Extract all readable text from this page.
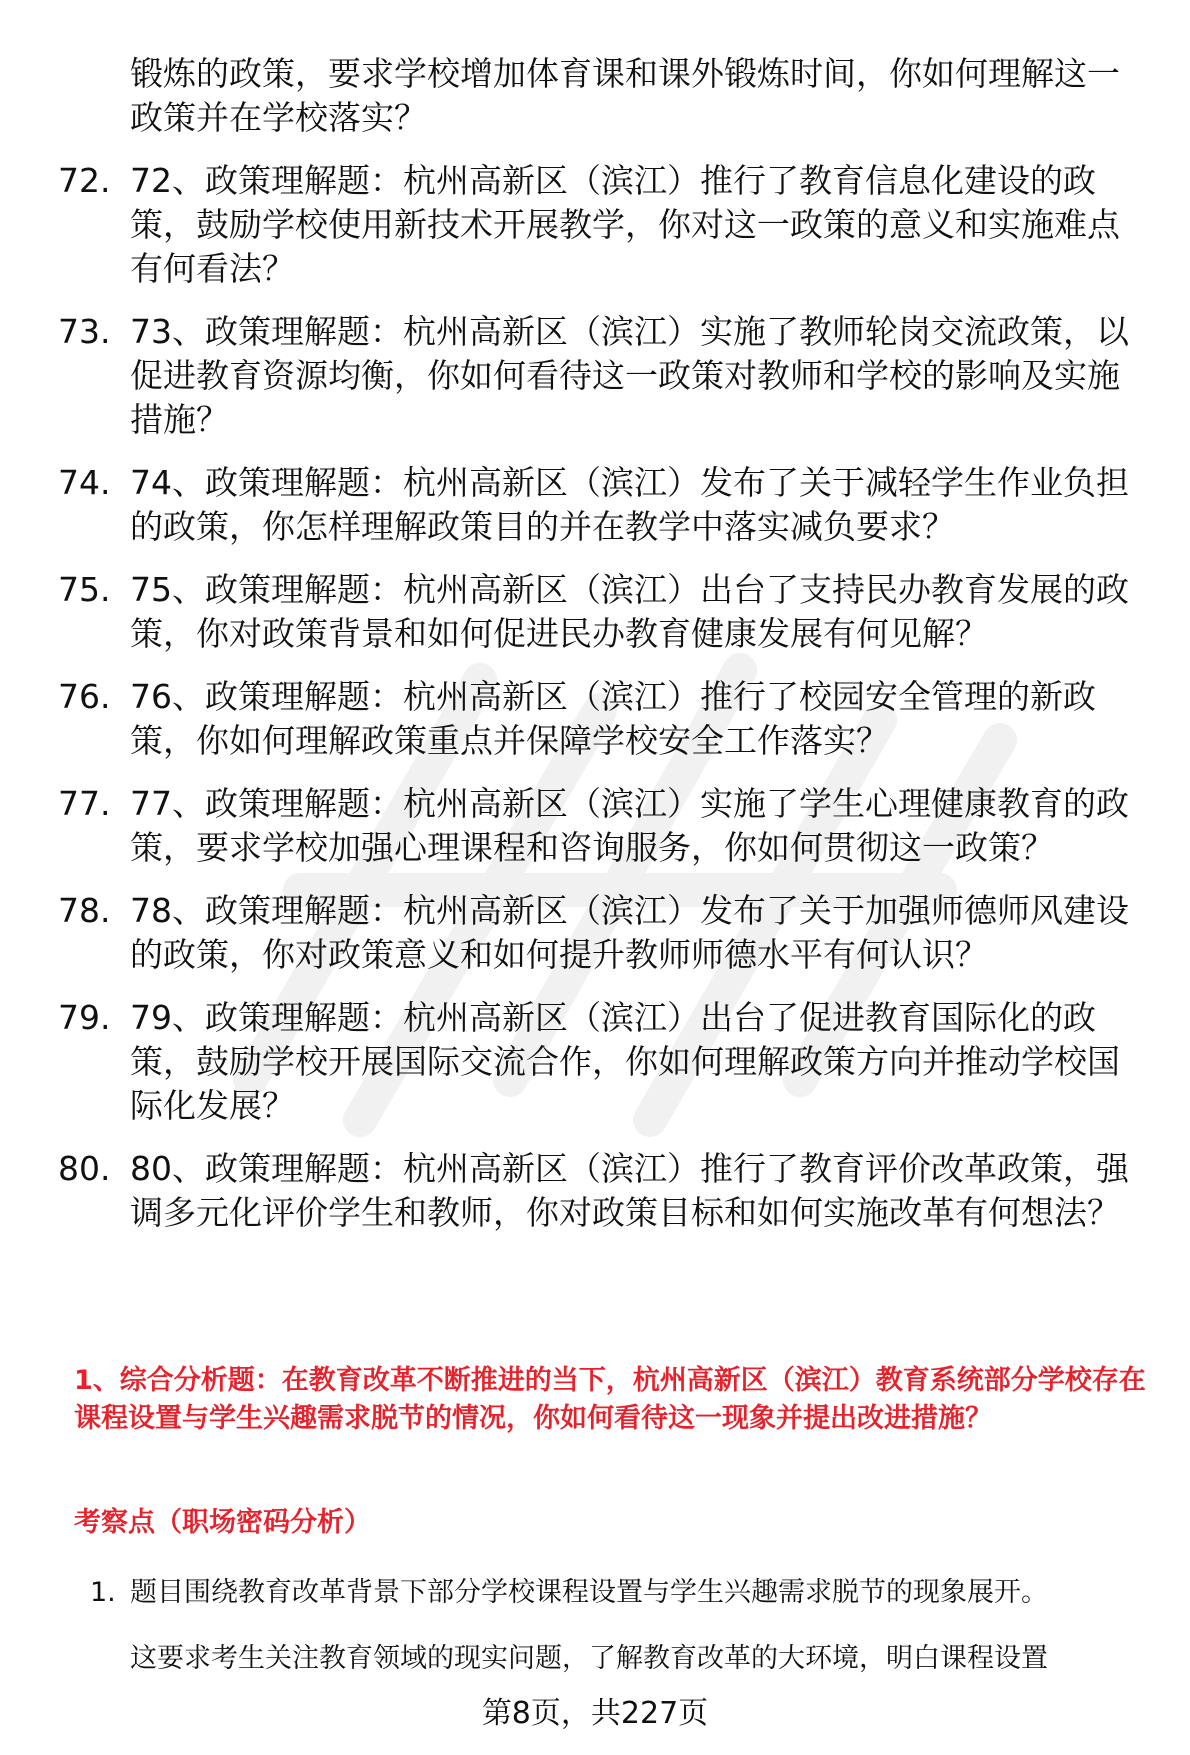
锻炼的政策，要求学校增加体育课和课外锻炼时间，你如何理解这一政策并在学校落实？
72. 72、政策理解题：杭州高新区（滨江）推行了教育信息化建设的政策，鼓励学校使用新技术开展教学，你对这一政策的意义和实施难点有何看法？
73. 73、政策理解题：杭州高新区（滨江）实施了教师轮岗交流政策，以促进教育资源均衡，你如何看待这一政策对教师和学校的影响及实施措施？
74. 74、政策理解题：杭州高新区（滨江）发布了关于减轻学生作业负担的政策，你怎样理解政策目的并在教学中落实减负要求？
75. 75、政策理解题：杭州高新区（滨江）出台了支持民办教育发展的政策，你对政策背景和如何促进民办教育健康发展有何见解？
76. 76、政策理解题：杭州高新区（滨江）推行了校园安全管理的新政策，你如何理解政策重点并保障学校安全工作落实？
77. 77、政策理解题：杭州高新区（滨江）实施了学生心理健康教育的政策，要求学校加强心理课程和咨询服务，你如何贯彻这一政策？
78. 78、政策理解题：杭州高新区（滨江）发布了关于加强师德师风建设的政策，你对政策意义和如何提升教师师德水平有何认识？
79. 79、政策理解题：杭州高新区（滨江）出台了促进教育国际化的政策，鼓励学校开展国际交流合作，你如何理解政策方向并推动学校国际化发展？
80. 80、政策理解题：杭州高新区（滨江）推行了教育评价改革政策，强调多元化评价学生和教师，你对政策目标和如何实施改革有何想法？
1、综合分析题：在教育改革不断推进的当下，杭州高新区（滨江）教育系统部分学校存在课程设置与学生兴趣需求脱节的情况，你如何看待这一现象并提出改进措施？
考察点（职场密码分析）
1. 题目围绕教育改革背景下部分学校课程设置与学生兴趣需求脱节的现象展开。
这要求考生关注教育领域的现实问题，了解教育改革的大环境，明白课程设置
第8页，共227页
